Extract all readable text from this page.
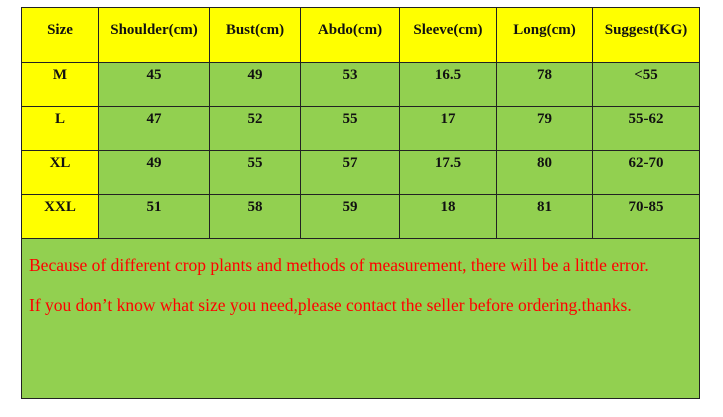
Size	Shoulder(cm)	Bust(cm)	Abdo(cm)	Sleeve(cm)	Long(cm)	Suggest(KG)
M	45	49	53	16.5	78	<55
L	47	52	55	17	79	55-62
XL	49	55	57	17.5	80	62-70
XXL	51	58	59	18	81	70-85

Because of different crop plants and methods of measurement, there will be a little error.
If you don’t know what size you need,please contact the seller before ordering.thanks.						
